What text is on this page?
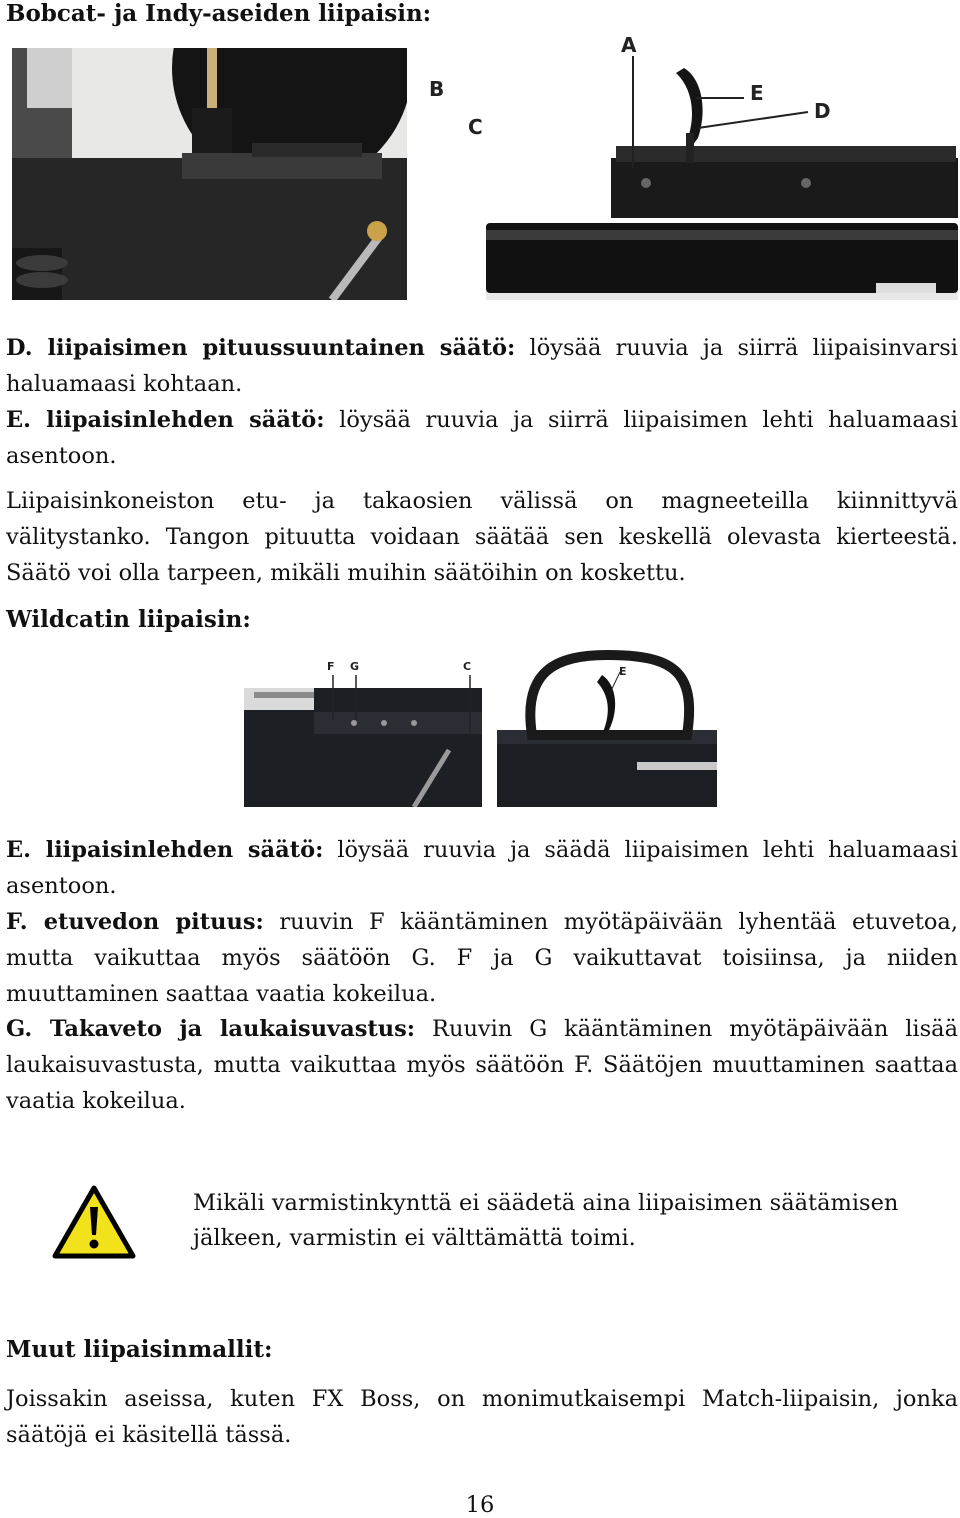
Bobcat- ja Indy-aseiden liipaisin:
B
C
A
E
D

D. liipaisimen pituussuuntainen säätö: löysää ruuvia ja siirrä liipaisinvarsi haluamaasi kohtaan.

E. liipaisinlehden säätö: löysää ruuvia ja siirrä liipaisimen lehti haluamaasi asentoon.

Liipaisinkoneiston etu- ja takaosien välissä on magneeteilla kiinnittyvä välitystanko. Tangon pituutta voidaan säätää sen keskellä olevasta kierteestä. Säätö voi olla tarpeen, mikäli muihin säätöihin on koskettu.

Wildcatin liipaisin:
F G	C	E

E. liipaisinlehden säätö: löysää ruuvia ja säädä liipaisimen lehti haluamaasi asentoon.

F. etuvedon pituus: ruuvin F kääntäminen myötäpäivään lyhentää etuvetoa, mutta vaikuttaa myös säätöön G. F ja G vaikuttavat toisiinsa, ja niiden muuttaminen saattaa vaatia kokeilua.

G. Takaveto ja laukaisuvastus: Ruuvin G kääntäminen myötäpäivään lisää laukaisuvastusta, mutta vaikuttaa myös säätöön F. Säätöjen muuttaminen saattaa vaatia kokeilua.

Mikäli varmistinkynttä ei säädetä aina liipaisimen säätämisen jälkeen, varmistin ei välttämättä toimi.

Muut liipaisinmallit:

Joissakin aseissa, kuten FX Boss, on monimutkaisempi Match-liipaisin, jonka säätöjä ei käsitellä tässä.

16
